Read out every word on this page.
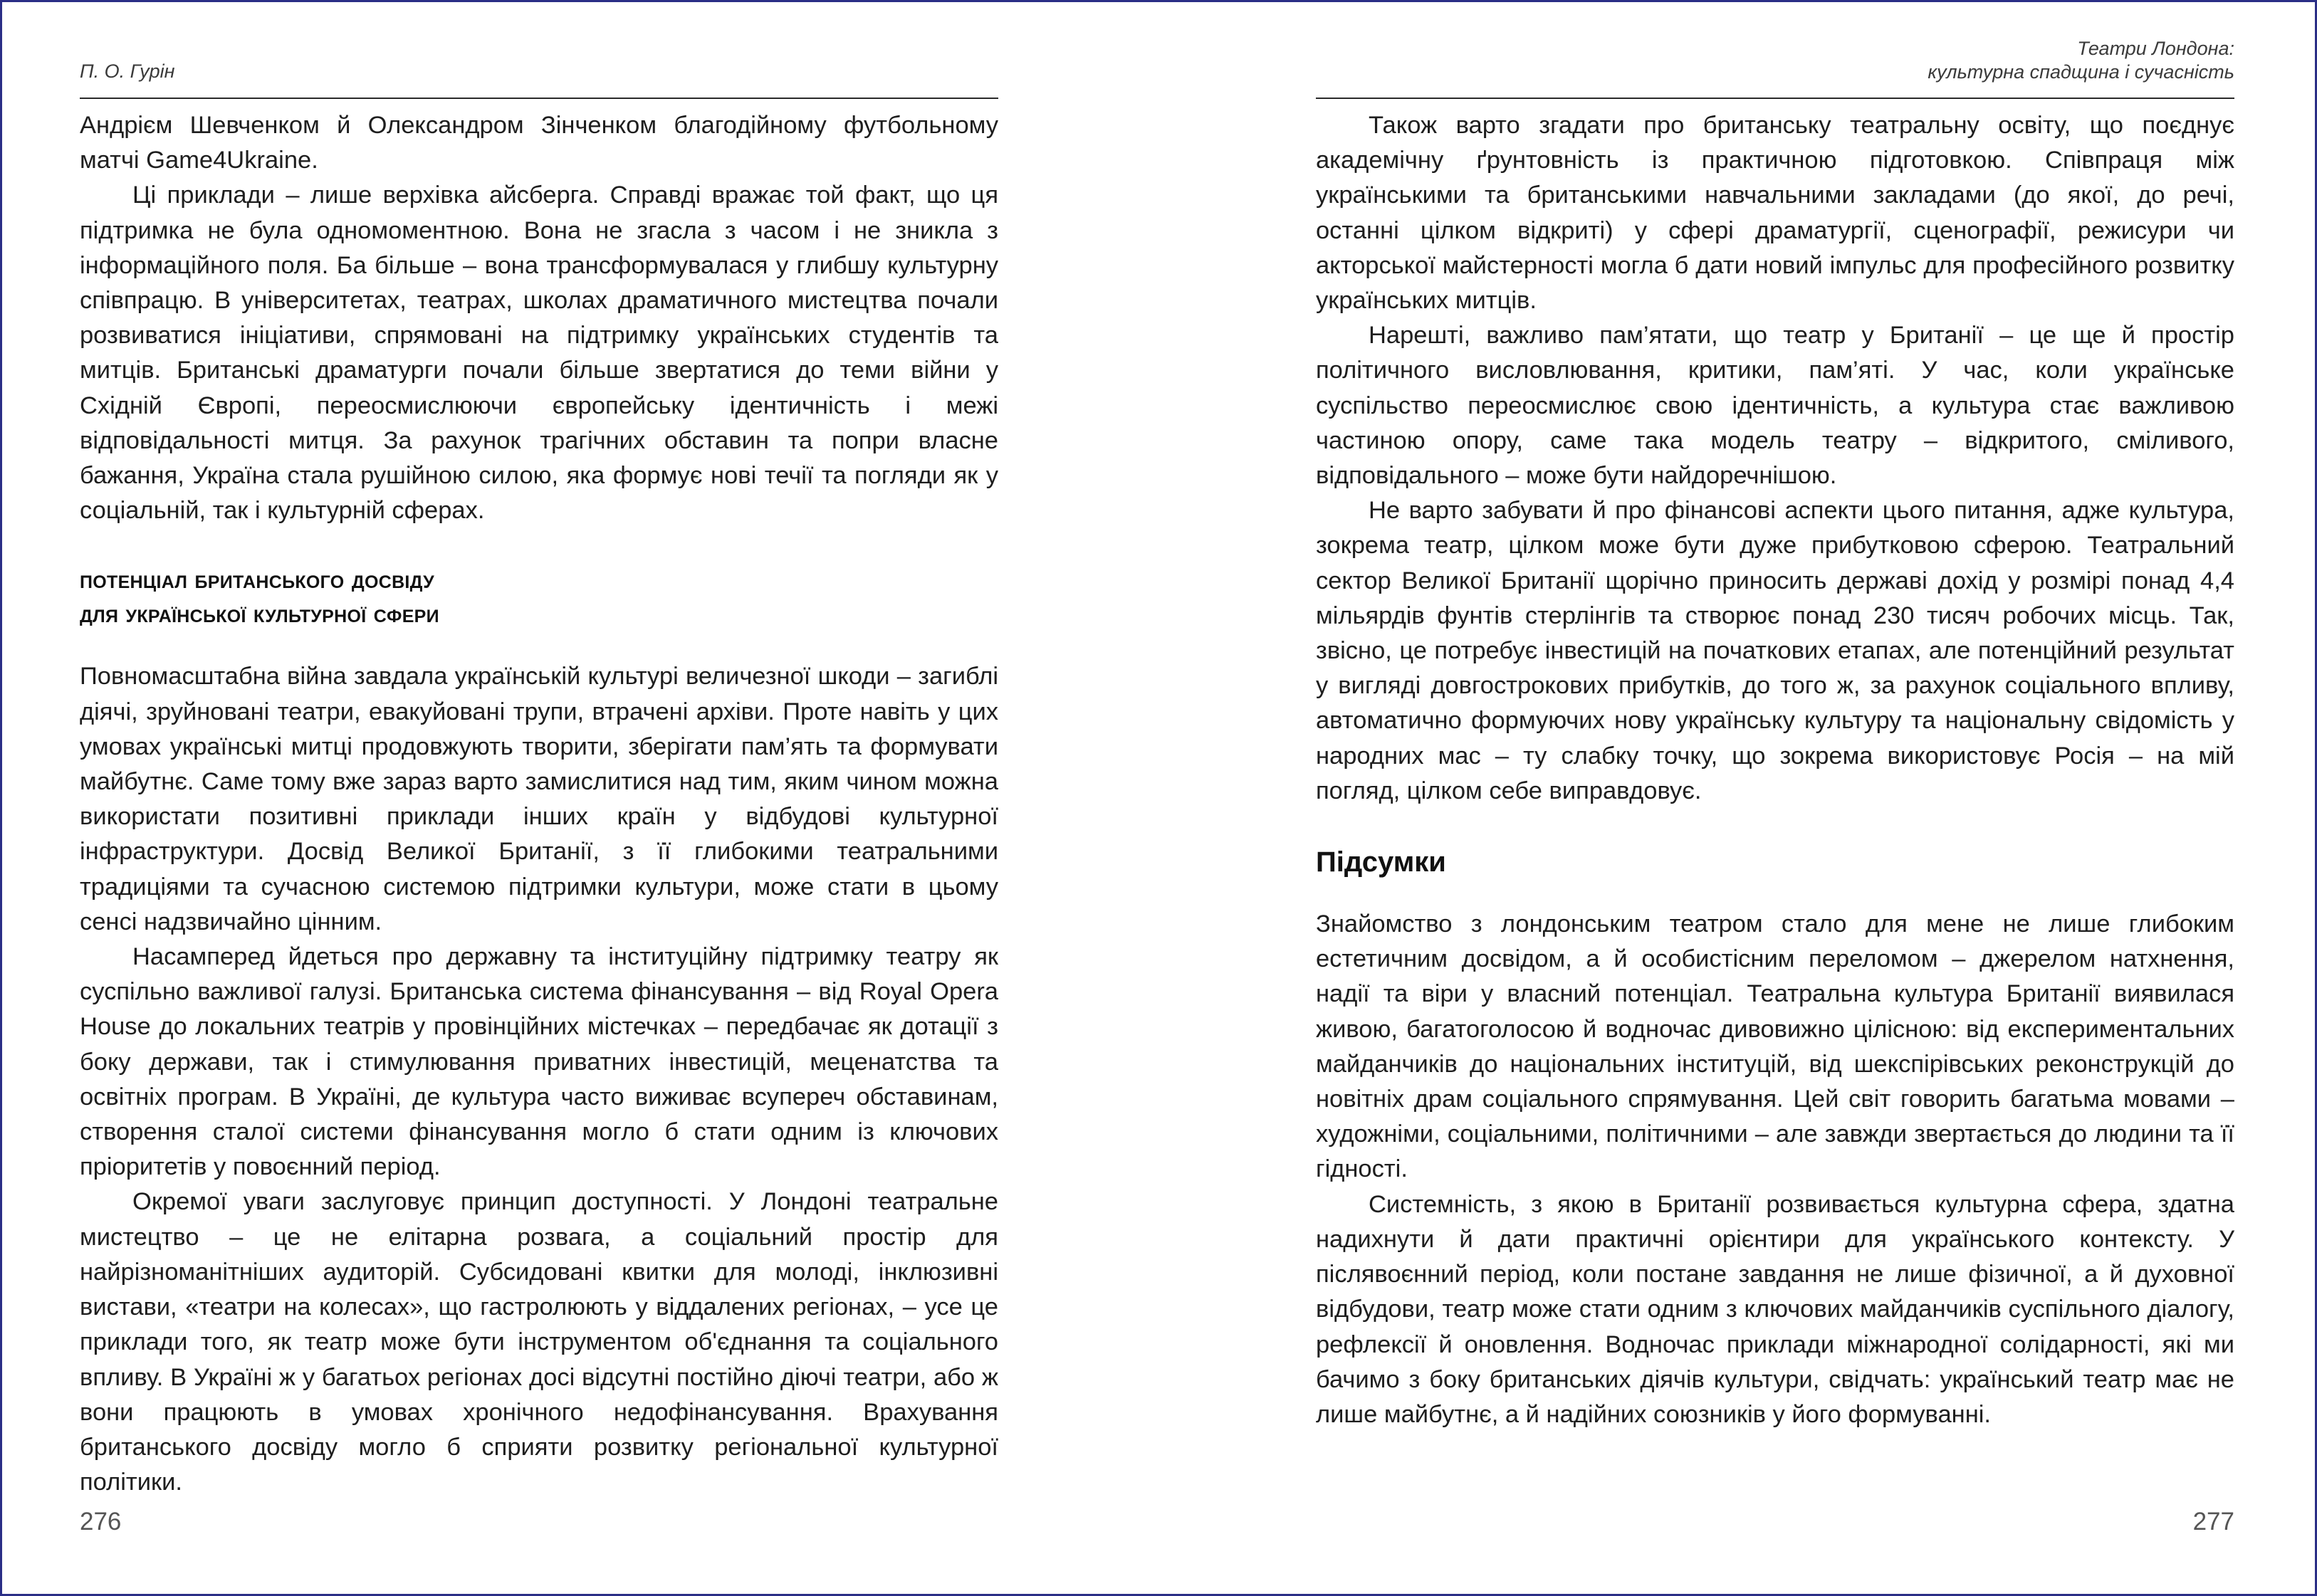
П. О. Гурін

Андрієм Шевченком й Олександром Зінченком благодійному футбольному матчі Game4Ukraine.

Ці приклади – лише верхівка айсберга. Справді вражає той факт, що ця підтримка не була одномоментною. Вона не згасла з часом і не зникла з інформаційного поля. Ба більше – вона трансформувалася у глибшу культурну співпрацю. В університетах, театрах, школах драматичного мистецтва почали розвиватися ініціативи, спрямовані на підтримку українських студентів та митців. Британські драматурги почали більше звертатися до теми війни у Східній Європі, переосмислюючи європейську ідентичність і межі відповідальності митця. За рахунок трагічних обставин та попри власне бажання, Україна стала рушійною силою, яка формує нові течії та погляди як у соціальній, так і культурній сферах.

потенціал британського досвіду
для української культурної сфери

Повномасштабна війна завдала українській культурі величезної шкоди – загиблі діячі, зруйновані театри, евакуйовані трупи, втрачені архіви. Проте навіть у цих умовах українські митці продовжують творити, зберігати пам’ять та формувати майбутнє. Саме тому вже зараз варто замислитися над тим, яким чином можна використати позитивні приклади інших країн у відбудові культурної інфраструктури. Досвід Великої Британії, з її глибокими театральними традиціями та сучасною системою підтримки культури, може стати в цьому сенсі надзвичайно цінним.

Насамперед йдеться про державну та інституційну підтримку театру як суспільно важливої галузі. Британська система фінансування – від Royal Opera House до локальних театрів у провінційних містечках – передбачає як дотації з боку держави, так і стимулювання приватних інвестицій, меценатства та освітніх програм. В Україні, де культура часто виживає всупереч обставинам, створення сталої системи фінансування могло б стати одним із ключових пріоритетів у повоєнний період.

Окремої уваги заслуговує принцип доступності. У Лондоні театральне мистецтво – це не елітарна розвага, а соціальний простір для найрізноманітніших аудиторій. Субсидовані квитки для молоді, інклюзивні вистави, «театри на колесах», що гастролюють у віддалених регіонах, – усе це приклади того, як театр може бути інструментом об'єднання та соціального впливу. В Україні ж у багатьох регіонах досі відсутні постійно діючі театри, або ж вони працюють в умовах хронічного недофінансування. Врахування британського досвіду могло б сприяти розвитку регіональної культурної політики.

276
Театри Лондона:
культурна спадщина і сучасність

Також варто згадати про британську театральну освіту, що поєднує академічну ґрунтовність із практичною підготовкою. Співпраця між українськими та британськими навчальними закладами (до якої, до речі, останні цілком відкриті) у сфері драматургії, сценографії, режисури чи акторської майстерності могла б дати новий імпульс для професійного розвитку українських митців.

Нарешті, важливо пам’ятати, що театр у Британії – це ще й простір політичного висловлювання, критики, пам’яті. У час, коли українське суспільство переосмислює свою ідентичність, а культура стає важливою частиною опору, саме така модель театру – відкритого, сміливого, відповідального – може бути найдоречнішою.

Не варто забувати й про фінансові аспекти цього питання, адже культура, зокрема театр, цілком може бути дуже прибутковою сферою. Театральний сектор Великої Британії щорічно приносить державі дохід у розмірі понад 4,4 мільярдів фунтів стерлінгів та створює понад 230 тисяч робочих місць. Так, звісно, це потребує інвестицій на початкових етапах, але потенційний результат у вигляді довгострокових прибутків, до того ж, за рахунок соціального впливу, автоматично формуючих нову українську культуру та національну свідомість у народних мас – ту слабку точку, що зокрема використовує Росія – на мій погляд, цілком себе виправдовує.

Підсумки

Знайомство з лондонським театром стало для мене не лише глибоким естетичним досвідом, а й особистісним переломом – джерелом натхнення, надії та віри у власний потенціал. Театральна культура Британії виявилася живою, багатоголосою й водночас дивовижно цілісною: від експериментальних майданчиків до національних інституцій, від шекспірівських реконструкцій до новітніх драм соціального спрямування. Цей світ говорить багатьма мовами – художніми, соціальними, політичними – але завжди звертається до людини та її гідності.

Системність, з якою в Британії розвивається культурна сфера, здатна надихнути й дати практичні орієнтири для українського контексту. У післявоєнний період, коли постане завдання не лише фізичної, а й духовної відбудови, театр може стати одним з ключових майданчиків суспільного діалогу, рефлексії й оновлення. Водночас приклади міжнародної солідарності, які ми бачимо з боку британських діячів культури, свідчать: український театр має не лише майбутнє, а й надійних союзників у його формуванні.

277
